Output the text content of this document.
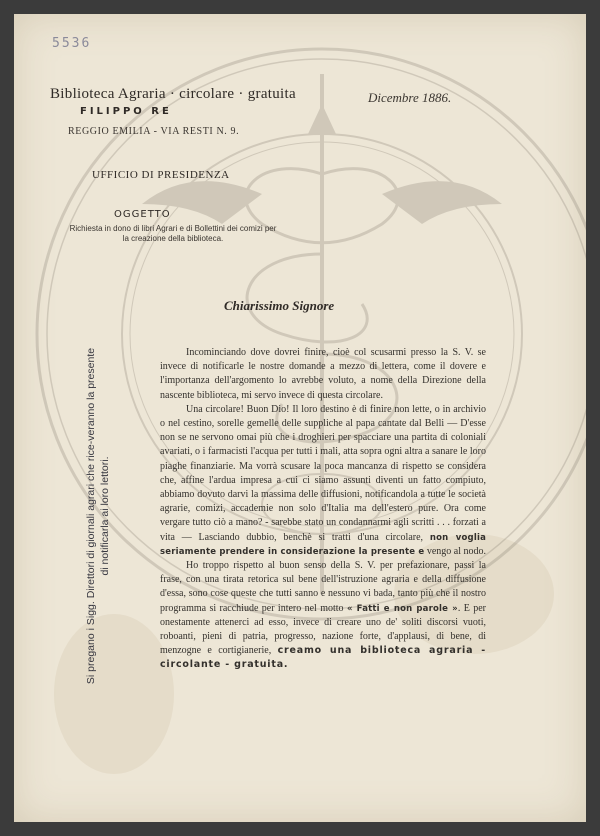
5536
Biblioteca Agraria · circolare · gratuita	Dicembre 1886.
FILIPPO RE
REGGIO EMILIA - VIA RESTI N. 9.
UFFICIO DI PRESIDENZA
OGGETTO
Richiesta in dono di libri Agrari e di Bollettini dei comizi per la creazione della biblioteca.
Chiarissimo Signore
Si pregano i Sigg. Direttori di giornali agrari che rice-veranno la presente di notificarla ai loro lettori.

Incominciando dove dovrei finire, cioè col scusarmi presso la S. V. se invece di notificarle le nostre domande a mezzo di lettera, come il dovere e l'importanza dell'argomento lo avrebbe voluto, a nome della Direzione della nascente biblioteca, mi servo invece di questa circolare.

Una circolare! Buon Dio! Il loro destino è di finire non lette, o in archivio o nel cestino, sorelle gemelle delle suppliche al papa cantate dal Belli — D'esse non se ne servono omai più che i droghieri per spacciare una partita di coloniali avariati, o i farmacisti l'acqua per tutti i mali, atta sopra ogni altra a sanare le loro piaghe finanziarie. Ma vorrà scusare la poca mancanza di rispetto se considera che, affine l'ardua impresa a cui ci siamo assunti diventi un fatto compiuto, abbiamo dovuto darvi la massima delle diffusioni, notificandola a tutte le società agrarie, comizi, accademie non solo d'Italia ma dell'estero pure. Ora come vergare tutto ciò a mano? - sarebbe stato un condannarmi agli scritti . . . forzati a vita — Lasciando dubbio, benchè si tratti d'una circolare, non voglia seriamente prendere in considerazione la presente e vengo al nodo.

Ho troppo rispetto al buon senso della S. V. per prefazionare, passi la frase, con una tirata retorica sul bene dell'istruzione agraria e della diffusione d'essa, sono cose queste che tutti sanno e nessuno vi bada, tanto più che il nostro programma si racchiude per intero nel motto « Fatti e non parole ». E per onestamente attenerci ad esso, invece di creare uno de' soliti discorsi vuoti, roboanti, pieni di patria, progresso, nazione forte, d'applausi, di bene, di menzogne e cortigianerie, creamo una biblioteca agraria - circolante - gratuita.
